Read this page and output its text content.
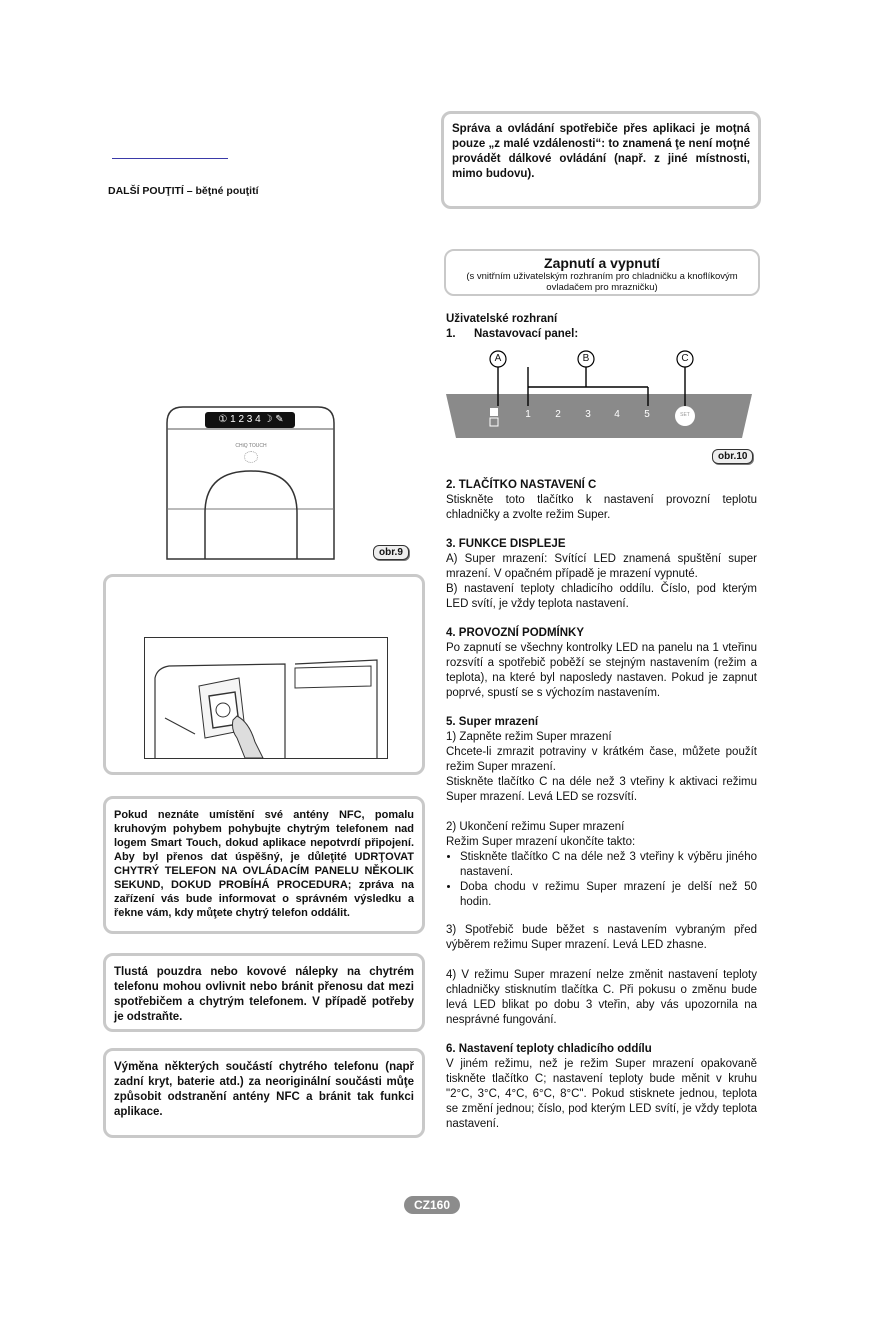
DALŠÍ POUŢITÍ – běţné pouţití
① 1 2 3 4 ☽ ✎
CHiQ TOUCH
obr.9

Pokud neznáte umístění své antény NFC, pomalu kruhovým pohybem pohybujte chytrým telefonem nad logem Smart Touch, dokud aplikace nepotvrdí připojení. Aby byl přenos dat úspěšný, je důleţité UDRŢOVAT CHYTRÝ TELEFON NA OVLÁDACÍM PANELU NĚKOLIK SEKUND, DOKUD PROBÍHÁ PROCEDURA; zpráva na zařízení vás bude informovat o správném výsledku a řekne vám, kdy můţete chytrý telefon oddálit.

Tlustá pouzdra nebo kovové nálepky na chytrém telefonu mohou ovlivnit nebo bránit přenosu dat mezi spotřebičem a chytrým telefonem. V případě potřeby je odstraňte.

Výměna některých součástí chytrého telefonu (např zadní kryt, baterie atd.) za neoriginální součásti můţe způsobit odstranění antény NFC a bránit tak funkci aplikace.

Správa a ovládání spotřebiče přes aplikaci je moţná pouze „z malé vzdálenosti“: to znamená ţe není moţné provádět dálkové ovládání (např. z jiné místnosti, mimo budovu).

Zapnutí a vypnutí
(s vnitřním uživatelským rozhraním pro chladničku a knoflíkovým ovladačem pro mrazničku)
Uživatelské rozhraní
1. Nastavovací panel:
A	B	C
1	2	3	4	5	SET
obr.10

2. TLAČÍTKO NASTAVENÍ C

Stiskněte toto tlačítko k nastavení provozní teplotu chladničky a zvolte režim Super.

3. FUNKCE DISPLEJE

A) Super mrazení: Svítící LED znamená spuštění super mrazení. V opačném případě je mrazení vypnuté.

B) nastavení teploty chladicího oddílu. Číslo, pod kterým LED svítí, je vždy teplota nastavení.

4. PROVOZNÍ PODMÍNKY

Po zapnutí se všechny kontrolky LED na panelu na 1 vteřinu rozsvítí a spotřebič poběží se stejným nastavením (režim a teplota), na které byl naposledy nastaven. Pokud je zapnut poprvé, spustí se s výchozím nastavením.

5. Super mrazení

1) Zapněte režim Super mrazení

Chcete-li zmrazit potraviny v krátkém čase, můžete použít režim Super mrazení.

Stiskněte tlačítko C na déle než 3 vteřiny k aktivaci režimu Super mrazení. Levá LED se rozsvítí.

2) Ukončení režimu Super mrazení

Režim Super mrazení ukončíte takto:

• Stiskněte tlačítko C na déle než 3 vteřiny k výběru jiného nastavení.
• Doba chodu v režimu Super mrazení je delší než 50 hodin.

3) Spotřebič bude běžet s nastavením vybraným před výběrem režimu Super mrazení. Levá LED zhasne.

4) V režimu Super mrazení nelze změnit nastavení teploty chladničky stisknutím tlačítka C. Při pokusu o změnu bude levá LED blikat po dobu 3 vteřin, aby vás upozornila na nesprávné fungování.

6. Nastavení teploty chladicího oddílu

V jiném režimu, než je režim Super mrazení opakovaně tiskněte tlačítko C; nastavení teploty bude měnit v kruhu "2°C, 3°C, 4°C, 6°C, 8°C". Pokud stisknete jednou, teplota se změní jednou; číslo, pod kterým LED svítí, je vždy teplota nastavení.

CZ160
